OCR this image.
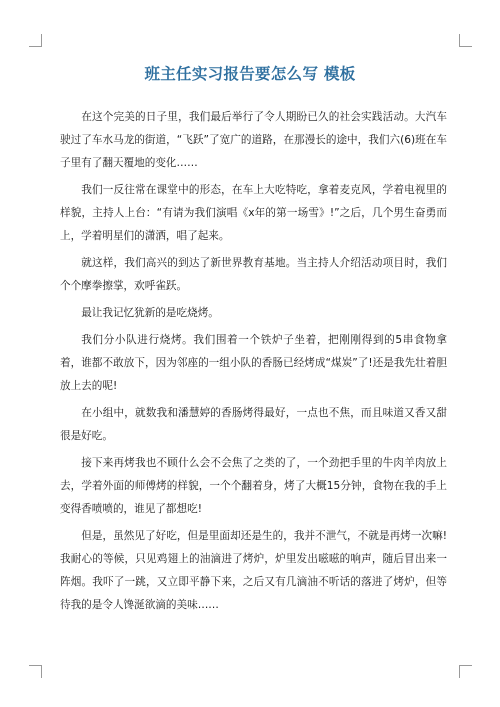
班主任实习报告要怎么写 模板

在这个完美的日子里，我们最后举行了令人期盼已久的社会实践活动。大汽车驶过了车水马龙的街道，“飞跃”了宽广的道路，在那漫长的途中，我们六(6)班在车子里有了翻天覆地的变化……

我们一反往常在课堂中的形态，在车上大吃特吃，拿着麦克风，学着电视里的样貌，主持人上台：“有请为我们演唱《x年的第一场雪》!”之后，几个男生奋勇而上，学着明星们的潇洒，唱了起来。

就这样，我们高兴的到达了新世界教育基地。当主持人介绍活动项目时，我们个个摩拳擦掌，欢呼雀跃。

最让我记忆犹新的是吃烧烤。

我们分小队进行烧烤。我们围着一个铁炉子坐着，把刚刚得到的5串食物拿着，谁都不敢放下，因为邻座的一组小队的香肠已经烤成“煤炭”了!还是我先壮着胆放上去的呢!

在小组中，就数我和潘慧婷的香肠烤得最好，一点也不焦，而且味道又香又甜很是好吃。

接下来再烤我也不顾什么会不会焦了之类的了，一个劲把手里的牛肉羊肉放上去，学着外面的师傅烤的样貌，一个个翻着身，烤了大概15分钟，食物在我的手上变得香喷喷的，谁见了都想吃!

但是，虽然见了好吃，但是里面却还是生的，我并不泄气，不就是再烤一次嘛!我耐心的等候，只见鸡翅上的油滴进了烤炉，炉里发出嗞嗞的响声，随后冒出来一阵烟。我吓了一跳，又立即平静下来，之后又有几滴油不听话的落进了烤炉，但等待我的是令人馋涎欲滴的美味……
